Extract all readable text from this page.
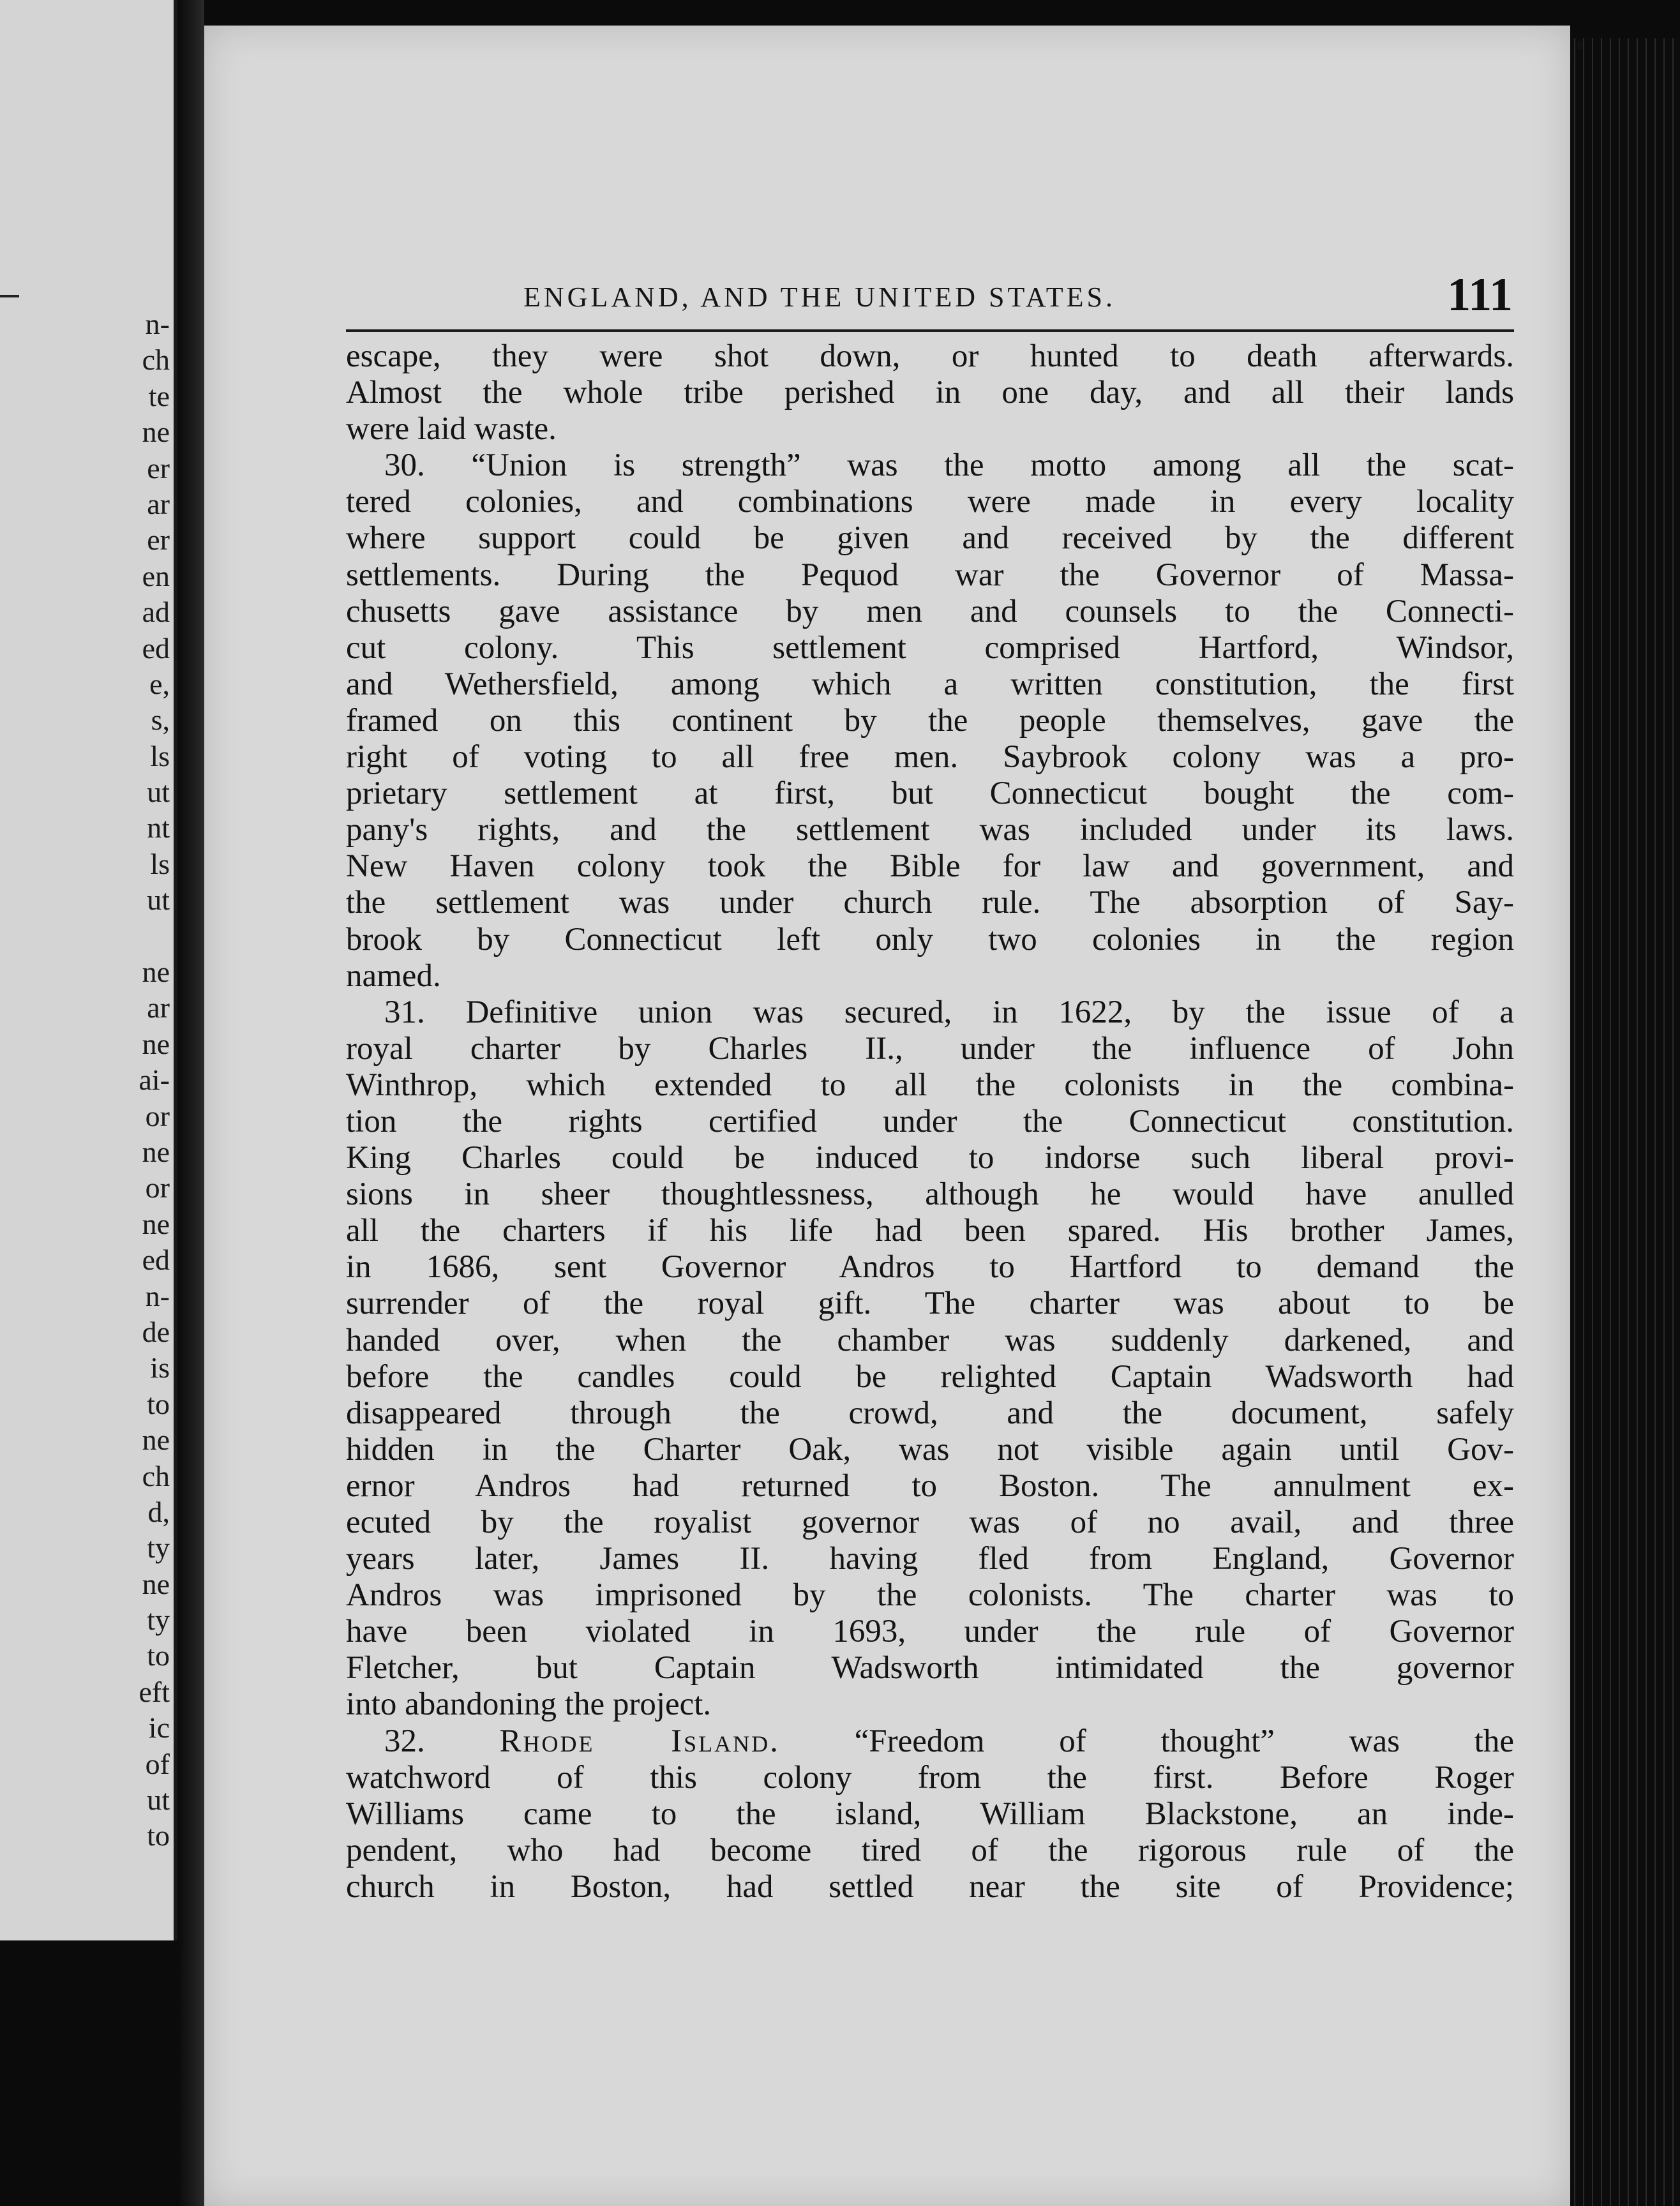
n-
ch
te
ne
er
ar
er
en
ad
ed
e,
s,
ls
ut
nt
ls
ut
ne
ar
ne
ai-
or
ne
or
ne
ed
n-
de
is
to
ne
ch
d,
ty
ne
ty
to
eft
ic
of
ut
to
ENGLAND, AND THE UNITED STATES.	111
escape, they were shot down, or hunted to death afterwards.
Almost the whole tribe perished in one day, and all their lands
were laid waste.
30. “Union is strength” was the motto among all the scat-
tered colonies, and combinations were made in every locality
where support could be given and received by the different
settlements. During the Pequod war the Governor of Massa-
chusetts gave assistance by men and counsels to the Connecti-
cut colony. This settlement comprised Hartford, Windsor,
and Wethersfield, among which a written constitution, the first
framed on this continent by the people themselves, gave the
right of voting to all free men. Saybrook colony was a pro-
prietary settlement at first, but Connecticut bought the com-
pany's rights, and the settlement was included under its laws.
New Haven colony took the Bible for law and government, and
the settlement was under church rule. The absorption of Say-
brook by Connecticut left only two colonies in the region
named.
31. Definitive union was secured, in 1622, by the issue of a
royal charter by Charles II., under the influence of John
Winthrop, which extended to all the colonists in the combina-
tion the rights certified under the Connecticut constitution.
King Charles could be induced to indorse such liberal provi-
sions in sheer thoughtlessness, although he would have anulled
all the charters if his life had been spared. His brother James,
in 1686, sent Governor Andros to Hartford to demand the
surrender of the royal gift. The charter was about to be
handed over, when the chamber was suddenly darkened, and
before the candles could be relighted Captain Wadsworth had
disappeared through the crowd, and the document, safely
hidden in the Charter Oak, was not visible again until Gov-
ernor Andros had returned to Boston. The annulment ex-
ecuted by the royalist governor was of no avail, and three
years later, James II. having fled from England, Governor
Andros was imprisoned by the colonists. The charter was to
have been violated in 1693, under the rule of Governor
Fletcher, but Captain Wadsworth intimidated the governor
into abandoning the project.
32. Rhode Island. “Freedom of thought” was the
watchword of this colony from the first. Before Roger
Williams came to the island, William Blackstone, an inde-
pendent, who had become tired of the rigorous rule of the
church in Boston, had settled near the site of Providence;
